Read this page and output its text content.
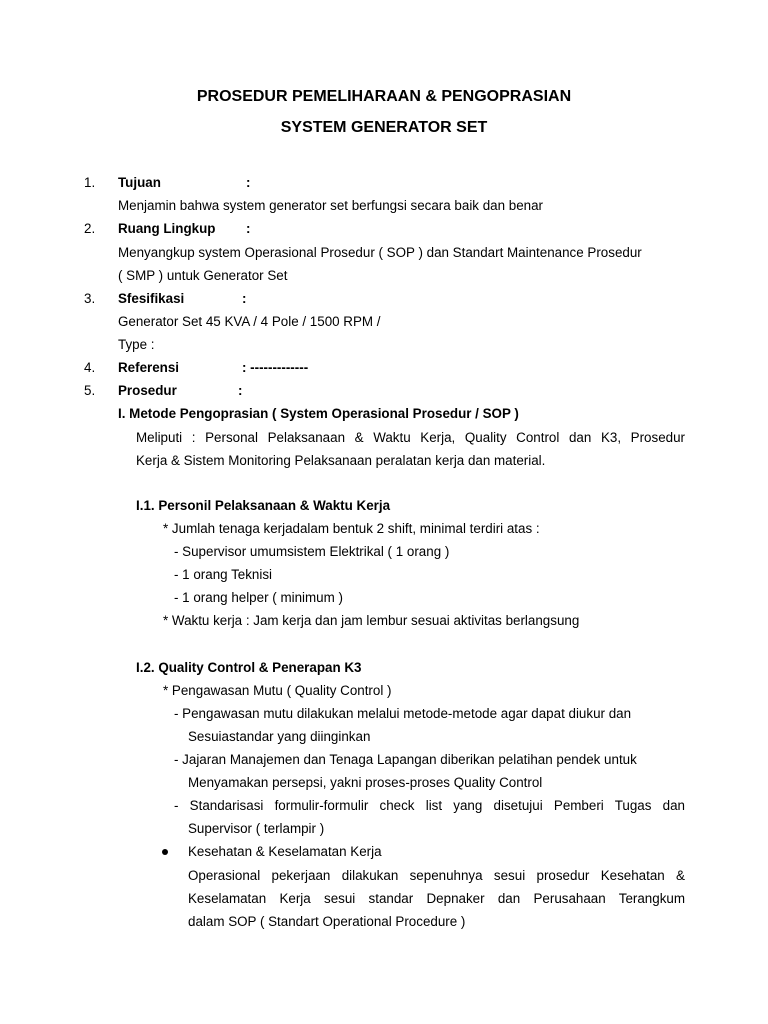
PROSEDUR PEMELIHARAAN & PENGOPRASIAN
SYSTEM GENERATOR SET
1. Tujuan	:
Menjamin bahwa system generator set berfungsi secara baik dan benar
2. Ruang Lingkup :
Menyangkup system Operasional Prosedur ( SOP ) dan Standart Maintenance Prosedur
( SMP ) untuk Generator Set
3. Sfesifikasi	:
Generator Set 45 KVA / 4 Pole / 1500 RPM /
Type :
4. Referensi	: -------------
5. Prosedur	:
I. Metode Pengoprasian ( System Operasional Prosedur / SOP )
Meliputi : Personal Pelaksanaan & Waktu Kerja, Quality Control dan K3, Prosedur
Kerja & Sistem Monitoring Pelaksanaan peralatan kerja dan material.
I.1. Personil Pelaksanaan & Waktu Kerja
* Jumlah tenaga kerjadalam bentuk 2 shift, minimal terdiri atas :
- Supervisor umumsistem Elektrikal ( 1 orang )
- 1 orang Teknisi
- 1 orang helper ( minimum )
* Waktu kerja : Jam kerja dan jam lembur sesuai aktivitas berlangsung
I.2. Quality Control & Penerapan K3
* Pengawasan Mutu ( Quality Control )
- Pengawasan mutu dilakukan melalui metode-metode agar dapat diukur dan
Sesuiastandar yang diinginkan
- Jajaran Manajemen dan Tenaga Lapangan diberikan pelatihan pendek untuk
Menyamakan persepsi, yakni proses-proses Quality Control
- Standarisasi formulir-formulir check list yang disetujui Pemberi Tugas dan
Supervisor ( terlampir )
Kesehatan & Keselamatan Kerja
Operasional pekerjaan dilakukan sepenuhnya sesui prosedur Kesehatan &
Keselamatan Kerja sesui standar Depnaker dan Perusahaan Terangkum
dalam SOP ( Standart Operational Procedure )
